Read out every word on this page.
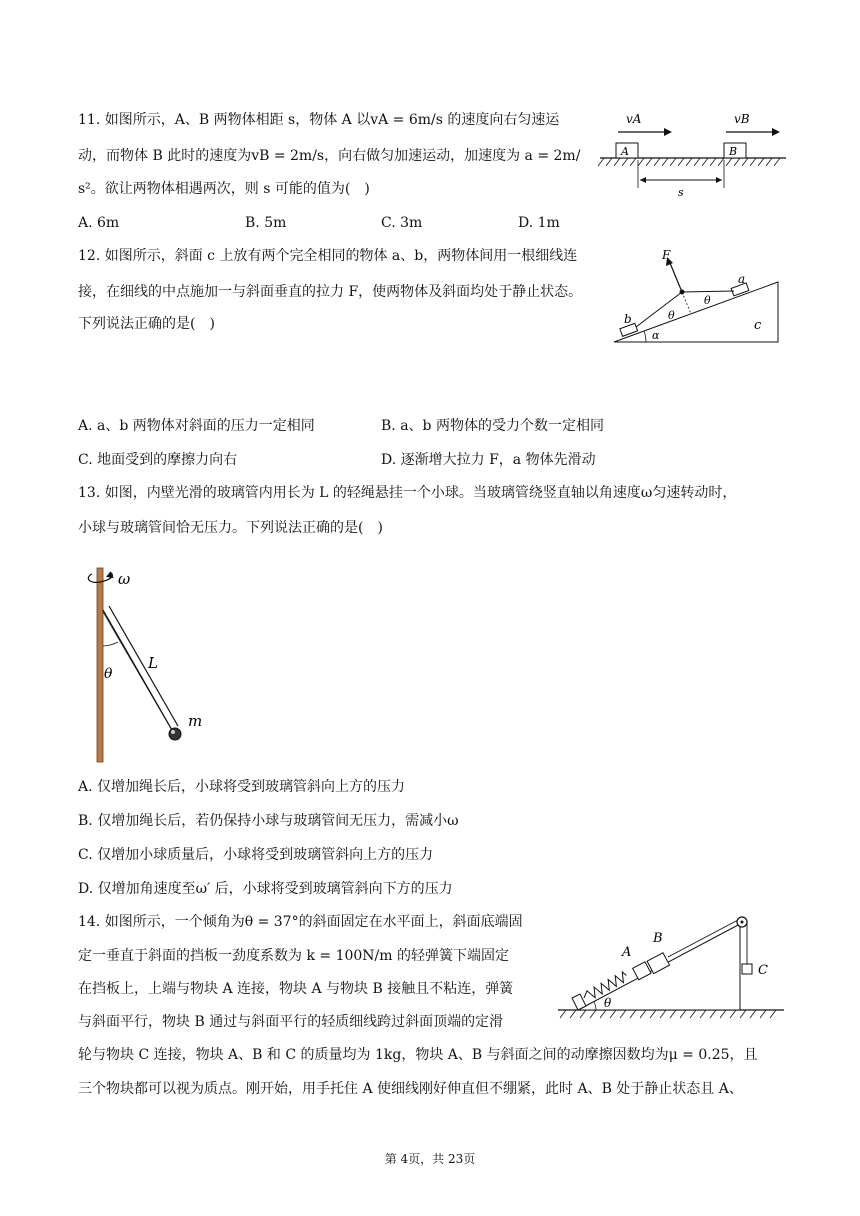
11. 如图所示，A、B 两物体相距 s，物体 A 以vA = 6m/s 的速度向右匀速运
动，而物体 B 此时的速度为vB = 2m/s，向右做匀加速运动，加速度为 a = 2m/
s²。欲让两物体相遇两次，则 s 可能的值为(　)
A. 6m	B. 5m	C. 3m	D. 1m
A	B
vA	vB
s
12. 如图所示，斜面 c 上放有两个完全相同的物体 a、b，两物体间用一根细线连
接，在细线的中点施加一与斜面垂直的拉力 F，使两物体及斜面均处于静止状态。
下列说法正确的是(　)	c
α
b
a
F
θ
θ
A. a、b 两物体对斜面的压力一定相同	B. a、b 两物体的受力个数一定相同
C. 地面受到的摩擦力向右	D. 逐渐增大拉力 F，a 物体先滑动
13. 如图，内壁光滑的玻璃管内用长为 L 的轻绳悬挂一个小球。当玻璃管绕竖直轴以角速度ω匀速转动时，
小球与玻璃管间恰无压力。下列说法正确的是(　)
ω
m
L
θ
A. 仅增加绳长后，小球将受到玻璃管斜向上方的压力
B. 仅增加绳长后，若仍保持小球与玻璃管间无压力，需减小ω
C. 仅增加小球质量后，小球将受到玻璃管斜向上方的压力
D. 仅增加角速度至ω′ 后，小球将受到玻璃管斜向下方的压力
14. 如图所示，一个倾角为θ = 37°的斜面固定在水平面上，斜面底端固
定一垂直于斜面的挡板一劲度系数为 k = 100N/m 的轻弹簧下端固定
在挡板上，上端与物块 A 连接，物块 A 与物块 B 接触且不粘连，弹簧
与斜面平行，物块 B 通过与斜面平行的轻质细线跨过斜面顶端的定滑
轮与物块 C 连接，物块 A、B 和 C 的质量均为 1kg，物块 A、B 与斜面之间的动摩擦因数均为μ = 0.25，且
三个物块都可以视为质点。刚开始，用手托住 A 使细线刚好伸直但不绷紧，此时 A、B 处于静止状态且 A、
θ
A
B
C
第 4页，共 23页
